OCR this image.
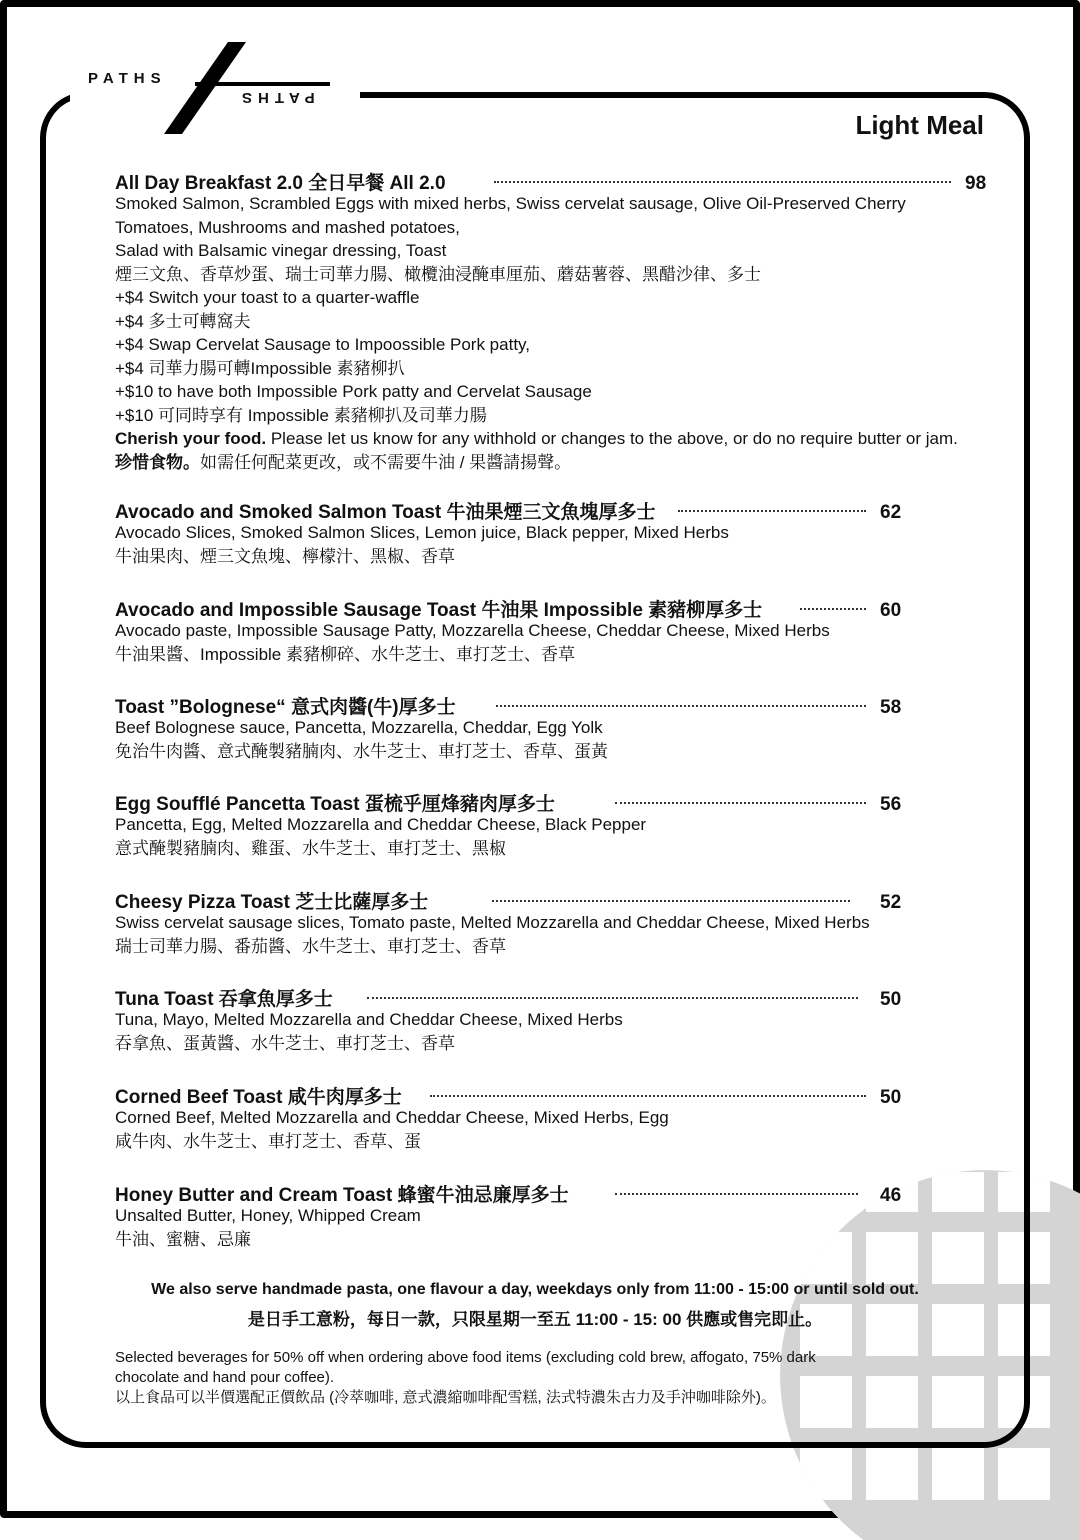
PATHS
PATHS
Light Meal
All Day Breakfast 2.0 全日早餐 All 2.0	98
Smoked Salmon, Scrambled Eggs with mixed herbs, Swiss cervelat sausage, Olive Oil-Preserved Cherry
Tomatoes, Mushrooms and mashed potatoes,
Salad with Balsamic vinegar dressing, Toast
煙三文魚、香草炒蛋、瑞士司華力腸、橄欖油浸醃車厘茄、蘑菇薯蓉、黑醋沙律、多士
+$4 Switch your toast to a quarter-waffle
+$4 多士可轉窩夫
+$4 Swap Cervelat Sausage to Impoossible Pork patty,
+$4 司華力腸可轉Impossible 素豬柳扒
+$10 to have both Impossible Pork patty and Cervelat Sausage
+$10 可同時享有 Impossible 素豬柳扒及司華力腸
Cherish your food. Please let us know for any withhold or changes to the above, or do no require butter or jam.
珍惜食物。如需任何配菜更改，或不需要牛油 / 果醬請揚聲。
Avocado and Smoked Salmon Toast 牛油果煙三文魚塊厚多士	62
Avocado Slices, Smoked Salmon Slices, Lemon juice, Black pepper, Mixed Herbs
牛油果肉、煙三文魚塊、檸檬汁、黑椒、香草
Avocado and Impossible Sausage Toast 牛油果 Impossible 素豬柳厚多士	60
Avocado paste, Impossible Sausage Patty, Mozzarella Cheese, Cheddar Cheese, Mixed Herbs
牛油果醬、Impossible 素豬柳碎、水牛芝士、車打芝士、香草
Toast ”Bolognese“ 意式肉醬(牛)厚多士	58
Beef Bolognese sauce, Pancetta, Mozzarella, Cheddar, Egg Yolk
免治牛肉醬、意式醃製豬腩肉、水牛芝士、車打芝士、香草、蛋黃
Egg Soufflé Pancetta Toast 蛋梳乎厘烽豬肉厚多士	56
Pancetta, Egg, Melted Mozzarella and Cheddar Cheese, Black Pepper
意式醃製豬腩肉、雞蛋、水牛芝士、車打芝士、黑椒
Cheesy Pizza Toast 芝士比薩厚多士	52
Swiss cervelat sausage slices, Tomato paste, Melted Mozzarella and Cheddar Cheese, Mixed Herbs
瑞士司華力腸、番茄醬、水牛芝士、車打芝士、香草
Tuna Toast 吞拿魚厚多士	50
Tuna, Mayo, Melted Mozzarella and Cheddar Cheese, Mixed Herbs
吞拿魚、蛋黃醬、水牛芝士、車打芝士、香草
Corned Beef Toast 咸牛肉厚多士	50
Corned Beef, Melted Mozzarella and Cheddar Cheese, Mixed Herbs, Egg
咸牛肉、水牛芝士、車打芝士、香草、蛋
Honey Butter and Cream Toast 蜂蜜牛油忌廉厚多士	46
Unsalted Butter, Honey, Whipped Cream
牛油、蜜糖、忌廉
We also serve handmade pasta, one flavour a day, weekdays only from 11:00 - 15:00 or until sold out.
是日手工意粉，每日一款，只限星期一至五 11:00 - 15: 00 供應或售完即止。
Selected beverages for 50% off when ordering above food items (excluding cold brew, affogato, 75% dark
chocolate and hand pour coffee).
以上食品可以半價選配正價飲品 (冷萃咖啡, 意式濃縮咖啡配雪糕, 法式特濃朱古力及手沖咖啡除外)。
